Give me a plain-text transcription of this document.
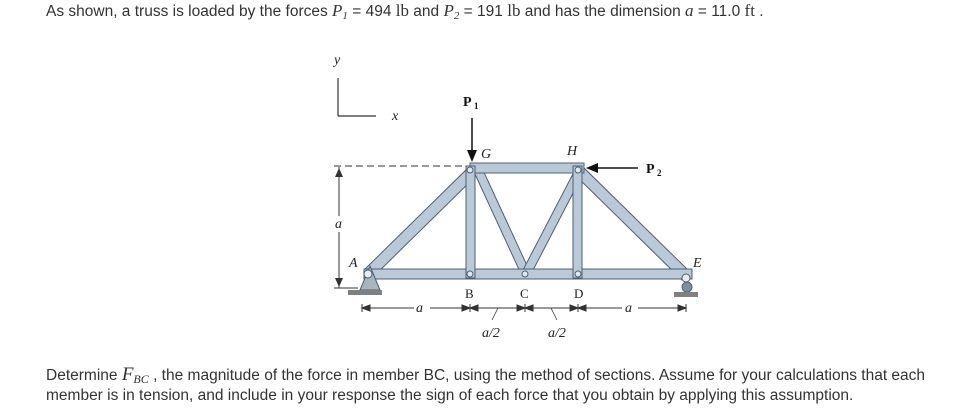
As shown, a truss is loaded by the forces $P_1 = 494$ lb and $P_2 = 191$ lb and has the dimension a = 11.0 ft .
y
x
a
P 1
P 2
G	H
A	E
B	C	D
a	a
a/2	a/2
Determine $F_{BC}$ , the magnitude of the force in member BC, using the method of sections. Assume for your calculations that each
member is in tension, and include in your response the sign of each force that you obtain by applying this assumption.
